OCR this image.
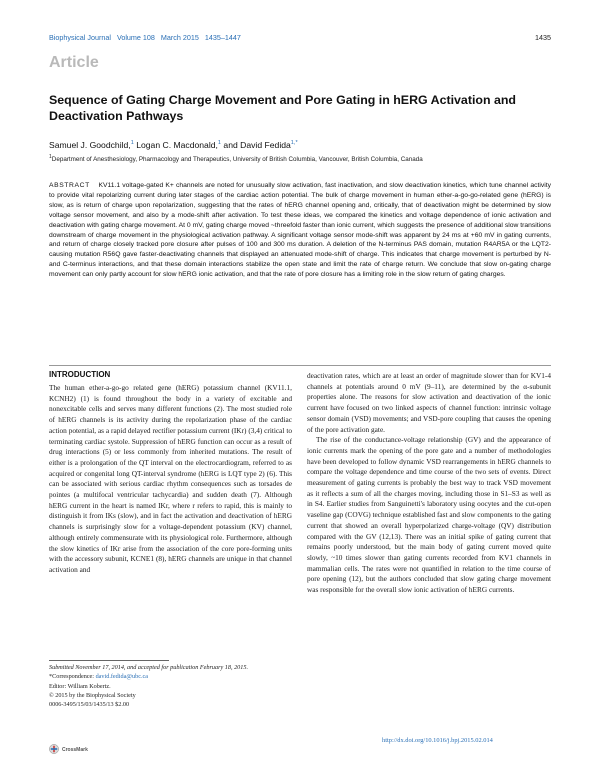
Biophysical Journal Volume 108 March 2015 1435–1447	1435
Article
Sequence of Gating Charge Movement and Pore Gating in hERG Activation and Deactivation Pathways
Samuel J. Goodchild,$^1$ Logan C. Macdonald,$^1$ and David Fedida$^{1,*}$
$^1$Department of Anesthesiology, Pharmacology and Therapeutics, University of British Columbia, Vancouver, British Columbia, Canada
ABSTRACT KV11.1 voltage-gated K+ channels are noted for unusually slow activation, fast inactivation, and slow deactivation kinetics, which tune channel activity to provide vital repolarizing current during later stages of the cardiac action potential. The bulk of charge movement in human ether-a-go-go-related gene (hERG) is slow, as is return of charge upon repolarization, suggesting that the rates of hERG channel opening and, critically, that of deactivation might be determined by slow voltage sensor movement, and also by a mode-shift after activation. To test these ideas, we compared the kinetics and voltage dependence of ionic activation and deactivation with gating charge movement. At 0 mV, gating charge moved ~threefold faster than ionic current, which suggests the presence of additional slow transitions downstream of charge movement in the physiological activation pathway. A significant voltage sensor mode-shift was apparent by 24 ms at +60 mV in gating currents, and return of charge closely tracked pore closure after pulses of 100 and 300 ms duration. A deletion of the N-terminus PAS domain, mutation R4AR5A or the LQT2-causing mutation R56Q gave faster-deactivating channels that displayed an attenuated mode-shift of charge. This indicates that charge movement is perturbed by N- and C-terminus interactions, and that these domain interactions stabilize the open state and limit the rate of charge return. We conclude that slow on-gating charge movement can only partly account for slow hERG ionic activation, and that the rate of pore closure has a limiting role in the slow return of gating charges.
INTRODUCTION

The human ether-a-go-go related gene (hERG) potassium channel (KV11.1, KCNH2) (1) is found throughout the body in a variety of excitable and nonexcitable cells and serves many different functions (2). The most studied role of hERG channels is its activity during the repolarization phase of the cardiac action potential, as a rapid delayed rectifier potassium current (IKr) (3,4) critical to terminating cardiac systole. Suppression of hERG function can occur as a result of drug interactions (5) or less commonly from inherited mutations. The result of either is a prolongation of the QT interval on the electrocardiogram, referred to as acquired or congenital long QT-interval syndrome (hERG is LQT type 2) (6). This can be associated with serious cardiac rhythm consequences such as torsades de pointes (a multifocal ventricular tachycardia) and sudden death (7). Although hERG current in the heart is named IKr, where r refers to rapid, this is mainly to distinguish it from IKs (slow), and in fact the activation and deactivation of hERG channels is surprisingly slow for a voltage-dependent potassium (KV) channel, although entirely commensurate with its physiological role. Furthermore, although the slow kinetics of IKr arise from the association of the core pore-forming units with the accessory subunit, KCNE1 (8), hERG channels are unique in that channel activation and

deactivation rates, which are at least an order of magnitude slower than for KV1-4 channels at potentials around 0 mV (9–11), are determined by the α-subunit properties alone. The reasons for slow activation and deactivation of the ionic current have focused on two linked aspects of channel function: intrinsic voltage sensor domain (VSD) movements; and VSD-pore coupling that causes the opening of the pore activation gate.

The rise of the conductance-voltage relationship (GV) and the appearance of ionic currents mark the opening of the pore gate and a number of methodologies have been developed to follow dynamic VSD rearrangements in hERG channels to compare the voltage dependence and time course of the two sets of events. Direct measurement of gating currents is probably the best way to track VSD movement as it reflects a sum of all the charges moving, including those in S1–S3 as well as in S4. Earlier studies from Sanguinetti's laboratory using oocytes and the cut-open vaseline gap (COVG) technique established fast and slow components to the gating current that showed an overall hyperpolarized charge-voltage (QV) distribution compared with the GV (12,13). There was an initial spike of gating current that remains poorly understood, but the main body of gating current moved quite slowly, ~10 times slower than gating currents recorded from KV1 channels in mammalian cells. The rates were not quantified in relation to the time course of pore opening (12), but the authors concluded that slow gating charge movement was responsible for the overall slow ionic activation of hERG currents.

Submitted November 17, 2014, and accepted for publication February 18, 2015.

*Correspondence: david.fedida@ubc.ca

Editor: William Kobertz.

© 2015 by the Biophysical Society

0006-3495/15/03/1435/13 $2.00

CrossMark
http://dx.doi.org/10.1016/j.bpj.2015.02.014
